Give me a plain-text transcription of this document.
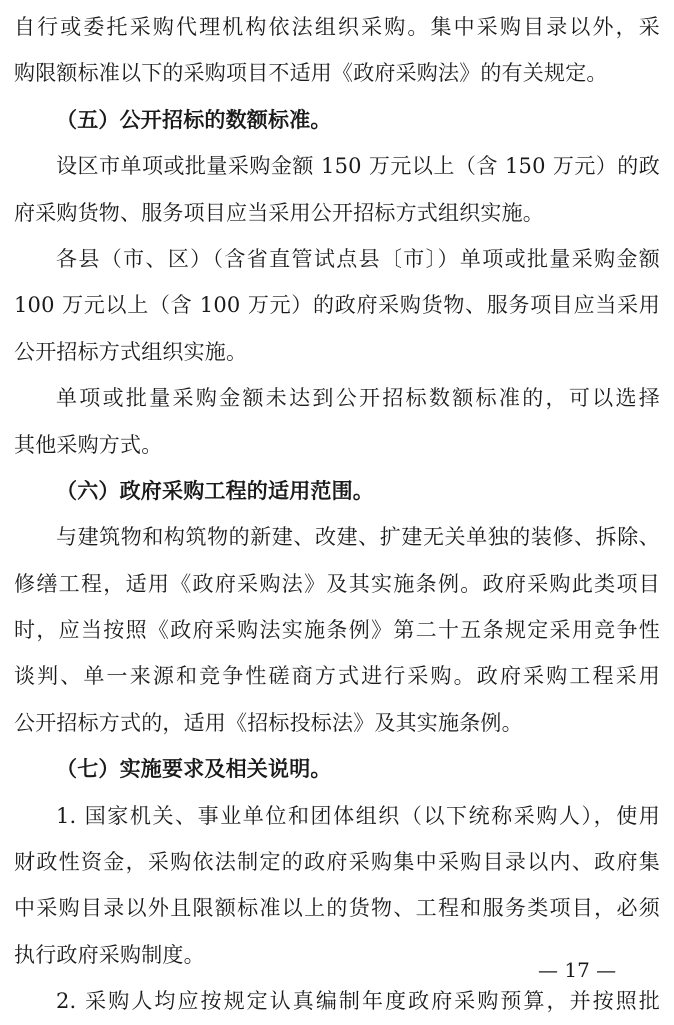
自行或委托采购代理机构依法组织采购。集中采购目录以外，采
购限额标准以下的采购项目不适用《政府采购法》的有关规定。
（五）公开招标的数额标准。
设区市单项或批量采购金额 150 万元以上（含 150 万元）的政
府采购货物、服务项目应当采用公开招标方式组织实施。
各县（市、区）（含省直管试点县〔市〕）单项或批量采购金额
100 万元以上（含 100 万元）的政府采购货物、服务项目应当采用
公开招标方式组织实施。
单项或批量采购金额未达到公开招标数额标准的，可以选择
其他采购方式。
（六）政府采购工程的适用范围。
与建筑物和构筑物的新建、改建、扩建无关单独的装修、拆除、
修缮工程，适用《政府采购法》及其实施条例。政府采购此类项目
时，应当按照《政府采购法实施条例》第二十五条规定采用竞争性
谈判、单一来源和竞争性磋商方式进行采购。政府采购工程采用
公开招标方式的，适用《招标投标法》及其实施条例。
（七）实施要求及相关说明。
1. 国家机关、事业单位和团体组织（以下统称采购人），使用
财政性资金，采购依法制定的政府采购集中采购目录以内、政府集
中采购目录以外且限额标准以上的货物、工程和服务类项目，必须
执行政府采购制度。
2. 采购人均应按规定认真编制年度政府采购预算，并按照批
— 17 —
